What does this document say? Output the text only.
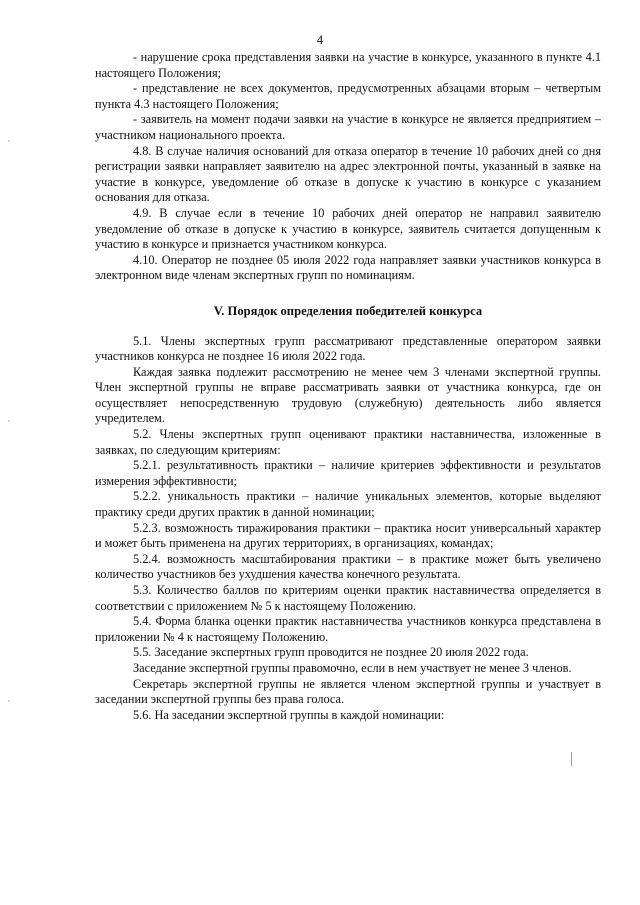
4

- нарушение срока представления заявки на участие в конкурсе, указанного в пункте 4.1 настоящего Положения;

- представление не всех документов, предусмотренных абзацами вторым – четвертым пункта 4.3 настоящего Положения;

- заявитель на момент подачи заявки на участие в конкурсе не является предприятием – участником национального проекта.

4.8. В случае наличия оснований для отказа оператор в течение 10 рабочих дней со дня регистрации заявки направляет заявителю на адрес электронной почты, указанный в заявке на участие в конкурсе, уведомление об отказе в допуске к участию в конкурсе с указанием основания для отказа.

4.9. В случае если в течение 10 рабочих дней оператор не направил заявителю уведомление об отказе в допуске к участию в конкурсе, заявитель считается допущенным к участию в конкурсе и признается участником конкурса.

4.10. Оператор не позднее 05 июля 2022 года направляет заявки участников конкурса в электронном виде членам экспертных групп по номинациям.

V. Порядок определения победителей конкурса

5.1. Члены экспертных групп рассматривают представленные оператором заявки участников конкурса не позднее 16 июля 2022 года.

Каждая заявка подлежит рассмотрению не менее чем 3 членами экспертной группы. Член экспертной группы не вправе рассматривать заявки от участника конкурса, где он осуществляет непосредственную трудовую (служебную) деятельность либо является учредителем.

5.2. Члены экспертных групп оценивают практики наставничества, изложенные в заявках, по следующим критериям:

5.2.1. результативность практики – наличие критериев эффективности и результатов измерения эффективности;

5.2.2. уникальность практики – наличие уникальных элементов, которые выделяют практику среди других практик в данной номинации;

5.2.3. возможность тиражирования практики – практика носит универсальный характер и может быть применена на других территориях, в организациях, командах;

5.2.4. возможность масштабирования практики – в практике может быть увеличено количество участников без ухудшения качества конечного результата.

5.3. Количество баллов по критериям оценки практик наставничества определяется в соответствии с приложением № 5 к настоящему Положению.

5.4. Форма бланка оценки практик наставничества участников конкурса представлена в приложении № 4 к настоящему Положению.

5.5. Заседание экспертных групп проводится не позднее 20 июля 2022 года.

Заседание экспертной группы правомочно, если в нем участвует не менее 3 членов.

Секретарь экспертной группы не является членом экспертной группы и участвует в заседании экспертной группы без права голоса.

5.6. На заседании экспертной группы в каждой номинации:
